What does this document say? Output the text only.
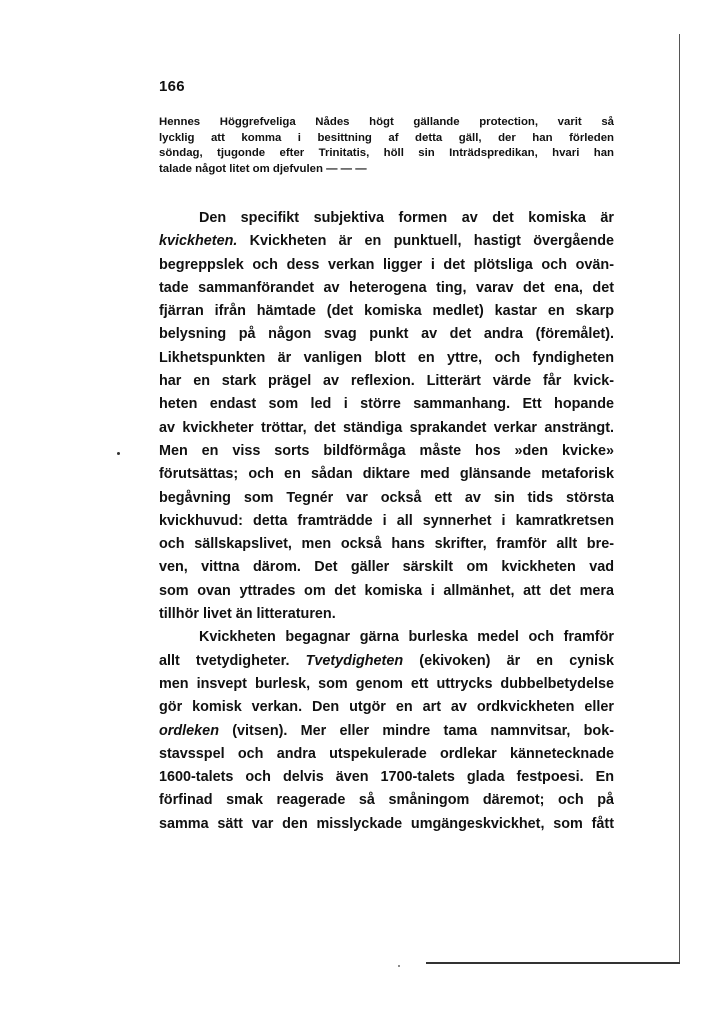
166
Hennes Höggrefveliga Nådes högt gällande protection, varit så
lycklig att komma i besittning af detta gäll, der han förleden
söndag, tjugonde efter Trinitatis, höll sin Inträdspredikan, hvari han
talade något litet om djefvulen — — —
Den specifikt subjektiva formen av det komiska är
kvickheten. Kvickheten är en punktuell, hastigt övergående
begreppslek och dess verkan ligger i det plötsliga och ovän-
tade sammanförandet av heterogena ting, varav det ena, det
fjärran ifrån hämtade (det komiska medlet) kastar en skarp
belysning på någon svag punkt av det andra (föremålet).
Likhetspunkten är vanligen blott en yttre, och fyndigheten
har en stark prägel av reflexion. Litterärt värde får kvick-
heten endast som led i större sammanhang. Ett hopande
av kvickheter tröttar, det ständiga sprakandet verkar ansträngt.
Men en viss sorts bildförmåga måste hos »den kvicke»
förutsättas; och en sådan diktare med glänsande metaforisk
begåvning som Tegnér var också ett av sin tids största
kvickhuvud: detta framträdde i all synnerhet i kamratkretsen
och sällskapslivet, men också hans skrifter, framför allt bre-
ven, vittna därom. Det gäller särskilt om kvickheten vad
som ovan yttrades om det komiska i allmänhet, att det mera
tillhör livet än litteraturen.
Kvickheten begagnar gärna burleska medel och framför
allt tvetydigheter. Tvetydigheten (ekivoken) är en cynisk
men insvept burlesk, som genom ett uttrycks dubbelbetydelse
gör komisk verkan. Den utgör en art av ordkvickheten eller
ordleken (vitsen). Mer eller mindre tama namnvitsar, bok-
stavsspel och andra utspekulerade ordlekar kännetecknade
1600-talets och delvis även 1700-talets glada festpoesi. En
förfinad smak reagerade så småningom däremot; och på
samma sätt var den misslyckade umgängeskvickhet, som fått
